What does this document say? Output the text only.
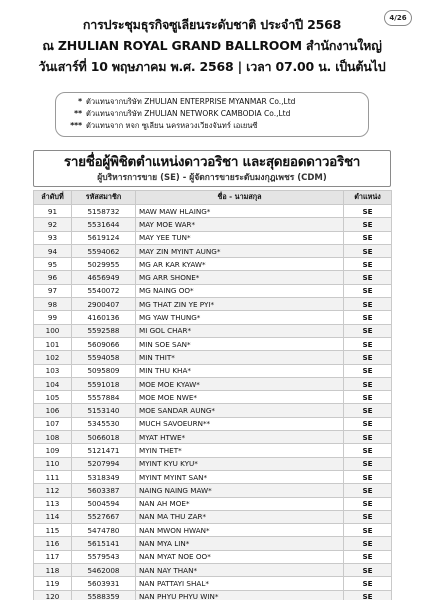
4/26
การประชุมธุรกิจซูเลียนระดับชาติ ประจำปี 2568
ณ ZHULIAN ROYAL GRAND BALLROOM สำนักงานใหญ่
วันเสาร์ที่ 10 พฤษภาคม พ.ศ. 2568 | เวลา 07.00 น. เป็นต้นไป
* ตัวแทนจากบริษัท ZHULIAN ENTERPRISE MYANMAR Co.,Ltd
** ตัวแทนจากบริษัท ZHULIAN NETWORK CAMBODIA Co.,Ltd
*** ตัวแทนจาก หจก ซูเลียน นครหลวงเวียงจันทร์ เอเยนซี
รายชื่อผู้พิชิตตำแหน่งดาวอริชา และสุดยอดดาวอริชา
ผู้บริหารการขาย (SE) - ผู้จัดการขายระดับมงกุฎเพชร (CDM)
ลำดับที่	รหัสสมาชิก	ชื่อ - นามสกุล	ตำแหน่ง
91	5158732	MAW MAW HLAING*	SE
92	5531644	MAY MOE WAR*	SE
93	5619124	MAY YEE TUN*	SE
94	5594062	MAY ZIN MYINT AUNG*	SE
95	5029955	MG AR KAR KYAW*	SE
96	4656949	MG ARR SHONE*	SE
97	5540072	MG NAING OO*	SE
98	2900407	MG THAT ZIN YE PYI*	SE
99	4160136	MG YAW THUNG*	SE
100	5592588	MI GOL CHAR*	SE
101	5609066	MIN SOE SAN*	SE
102	5594058	MIN THIT*	SE
103	5095809	MIN THU KHA*	SE
104	5591018	MOE MOE KYAW*	SE
105	5557884	MOE MOE NWE*	SE
106	5153140	MOE SANDAR AUNG*	SE
107	5345530	MUCH SAVOEURN**	SE
108	5066018	MYAT HTWE*	SE
109	5121471	MYIN THET*	SE
110	5207994	MYINT KYU KYU*	SE
111	5318349	MYINT MYINT SAN*	SE
112	5603387	NAING NAING MAW*	SE
113	5004594	NAN AH MOE*	SE
114	5527667	NAN MA THU ZAR*	SE
115	5474780	NAN MWON HWAN*	SE
116	5615141	NAN MYA LIN*	SE
117	5579543	NAN MYAT NOE OO*	SE
118	5462008	NAN NAY THAN*	SE
119	5603931	NAN PATTAYI SHAL*	SE
120	5588359	NAN PHYU PHYU WIN*	SE
